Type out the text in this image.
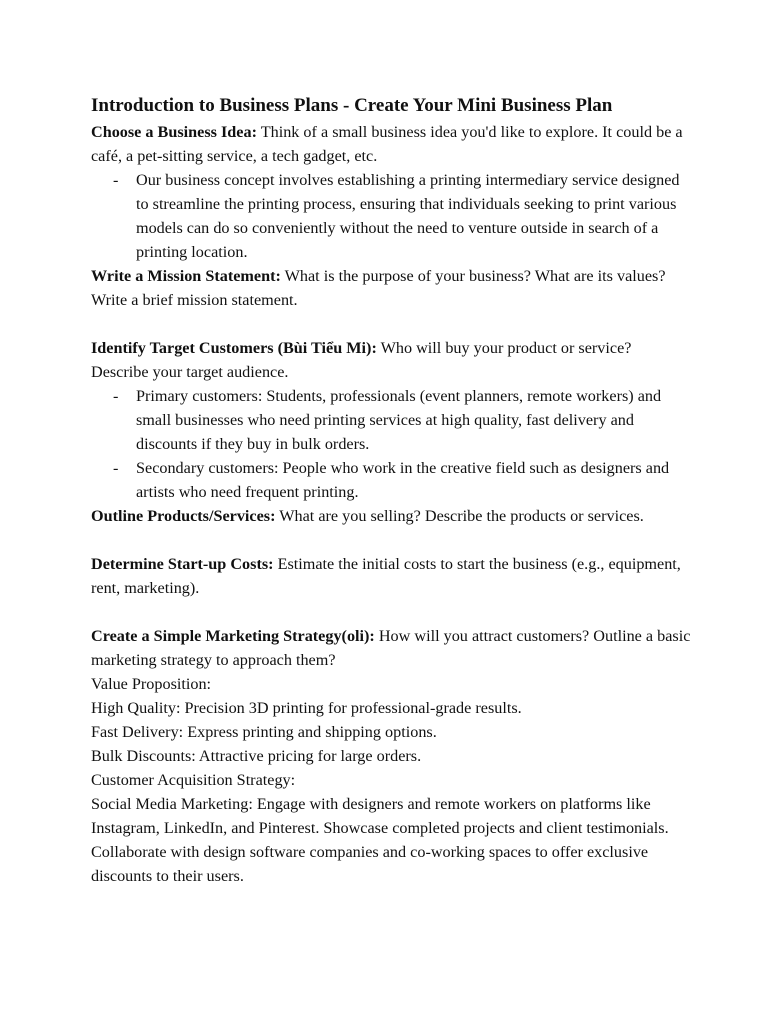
Introduction to Business Plans - Create Your Mini Business Plan

Choose a Business Idea: Think of a small business idea you'd like to explore. It could be a café, a pet-sitting service, a tech gadget, etc.

- Our business concept involves establishing a printing intermediary service designed to streamline the printing process, ensuring that individuals seeking to print various models can do so conveniently without the need to venture outside in search of a printing location.

Write a Mission Statement: What is the purpose of your business? What are its values? Write a brief mission statement.

Identify Target Customers (Bùi Tiểu Mi): Who will buy your product or service? Describe your target audience.

- Primary customers: Students, professionals (event planners, remote workers) and small businesses who need printing services at high quality, fast delivery and discounts if they buy in bulk orders.

- Secondary customers: People who work in the creative field such as designers and artists who need frequent printing.

Outline Products/Services: What are you selling? Describe the products or services.

Determine Start-up Costs: Estimate the initial costs to start the business (e.g., equipment, rent, marketing).

Create a Simple Marketing Strategy(oli): How will you attract customers? Outline a basic marketing strategy to approach them?

Value Proposition:

High Quality: Precision 3D printing for professional-grade results.

Fast Delivery: Express printing and shipping options.

Bulk Discounts: Attractive pricing for large orders.

Customer Acquisition Strategy:

Social Media Marketing: Engage with designers and remote workers on platforms like Instagram, LinkedIn, and Pinterest. Showcase completed projects and client testimonials.

Collaborate with design software companies and co-working spaces to offer exclusive discounts to their users.
